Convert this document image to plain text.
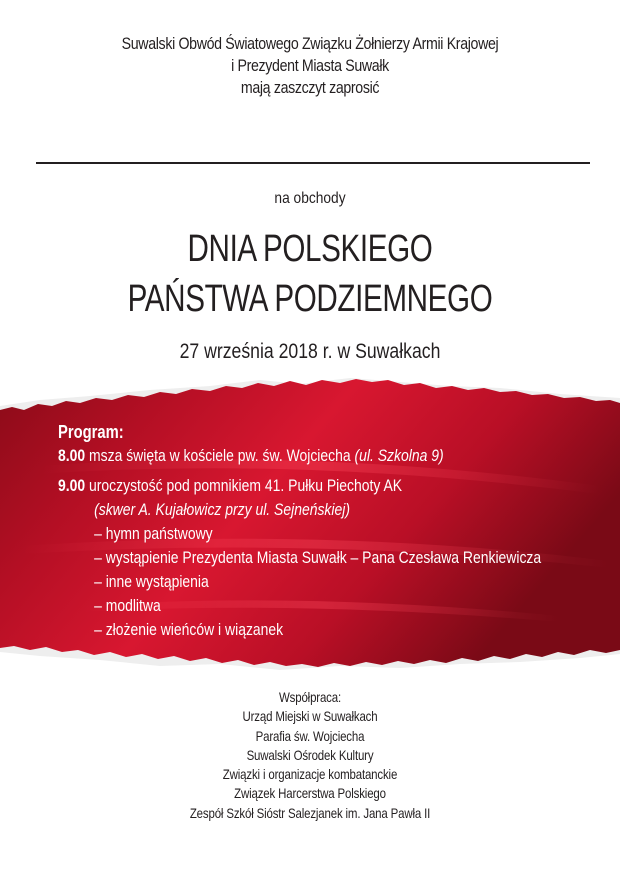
Suwalski Obwód Światowego Związku Żołnierzy Armii Krajowej
i Prezydent Miasta Suwałk
mają zaszczyt zaprosić
na obchody
DNIA POLSKIEGO
PAŃSTWA PODZIEMNEGO
27 września 2018 r. w Suwałkach
Program:
8.00 msza święta w kościele pw. św. Wojciecha (ul. Szkolna 9)
9.00 uroczystość pod pomnikiem 41. Pułku Piechoty AK
(skwer A. Kujałowicz przy ul. Sejneńskiej)
– hymn państwowy
– wystąpienie Prezydenta Miasta Suwałk – Pana Czesława Renkiewicza
– inne wystąpienia
– modlitwa
– złożenie wieńców i wiązanek
Współpraca:
Urząd Miejski w Suwałkach
Parafia św. Wojciecha
Suwalski Ośrodek Kultury
Związki i organizacje kombatanckie
Związek Harcerstwa Polskiego
Zespół Szkół Sióstr Salezjanek im. Jana Pawła II
